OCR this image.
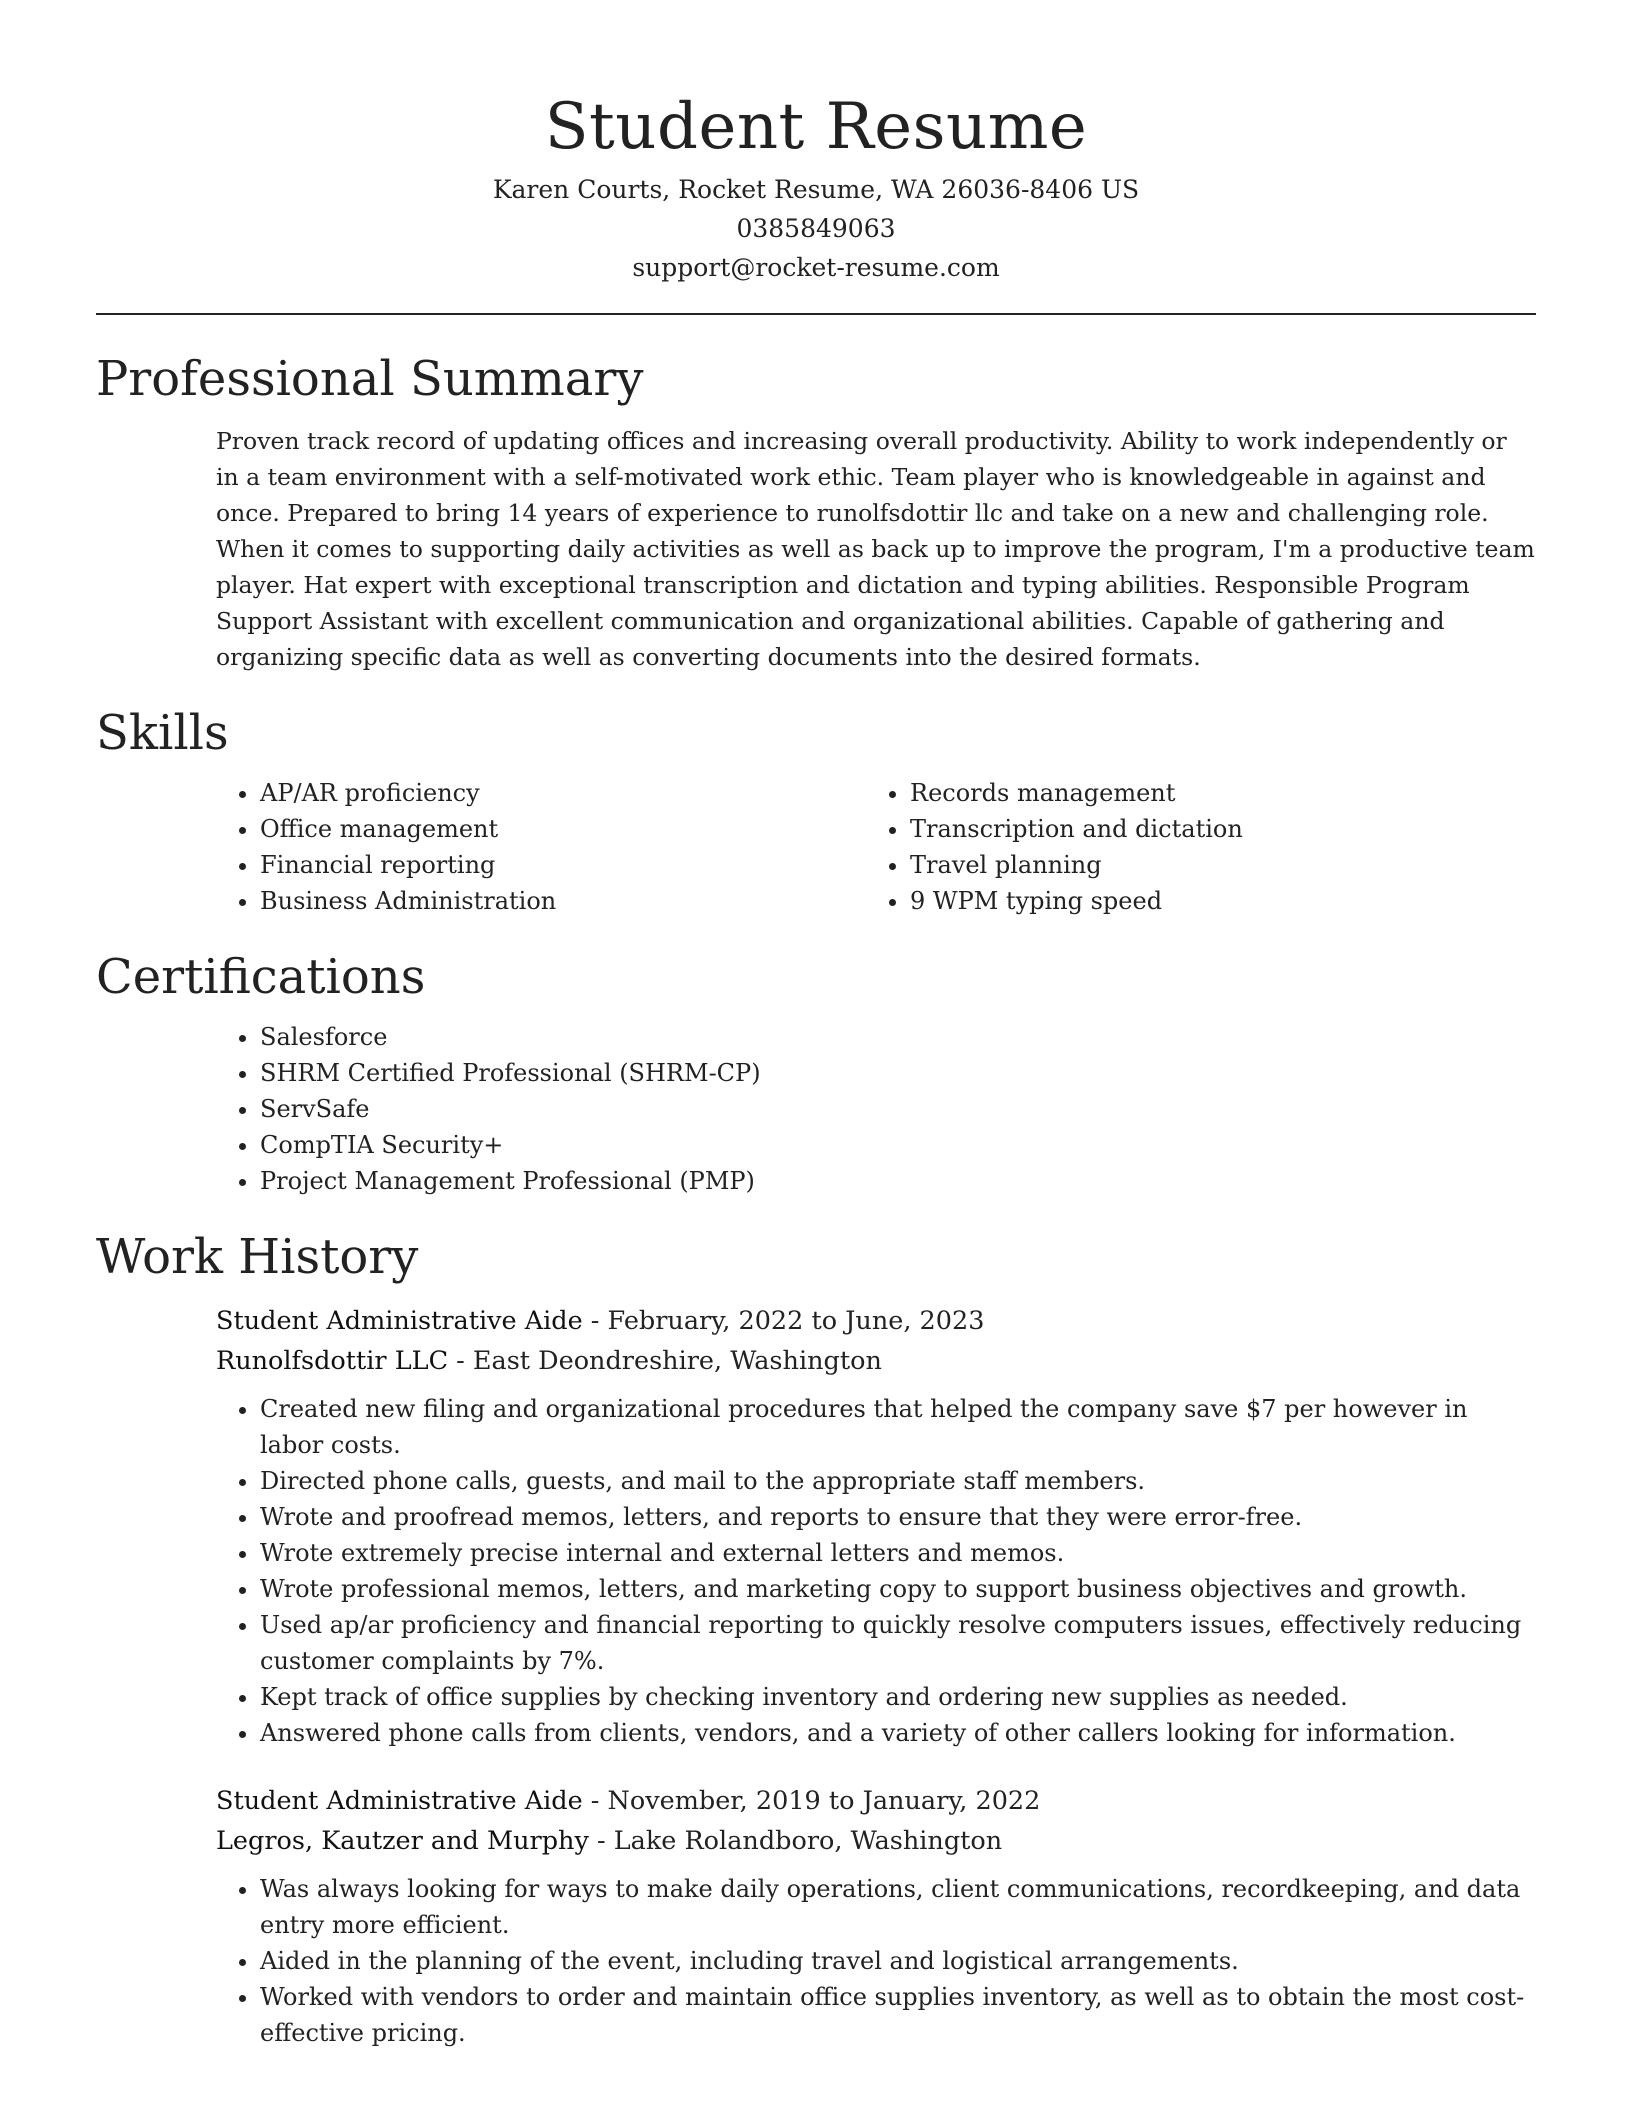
Student Resume
Karen Courts, Rocket Resume, WA 26036-8406 US
0385849063
support@rocket-resume.com
Professional Summary
Proven track record of updating offices and increasing overall productivity. Ability to work independently or in a team environment with a self-motivated work ethic. Team player who is knowledgeable in against and once. Prepared to bring 14 years of experience to runolfsdottir llc and take on a new and challenging role. When it comes to supporting daily activities as well as back up to improve the program, I'm a productive team player. Hat expert with exceptional transcription and dictation and typing abilities. Responsible Program Support Assistant with excellent communication and organizational abilities. Capable of gathering and organizing specific data as well as converting documents into the desired formats.
Skills
• AP/AR proficiency
• Office management
• Financial reporting
• Business Administration
• Records management
• Transcription and dictation
• Travel planning
• 9 WPM typing speed
Certifications
• Salesforce
• SHRM Certified Professional (SHRM-CP)
• ServSafe
• CompTIA Security+
• Project Management Professional (PMP)
Work History
Student Administrative Aide - February, 2022 to June, 2023
Runolfsdottir LLC - East Deondreshire, Washington
• Created new filing and organizational procedures that helped the company save $7 per however in labor costs.
• Directed phone calls, guests, and mail to the appropriate staff members.
• Wrote and proofread memos, letters, and reports to ensure that they were error-free.
• Wrote extremely precise internal and external letters and memos.
• Wrote professional memos, letters, and marketing copy to support business objectives and growth.
• Used ap/ar proficiency and financial reporting to quickly resolve computers issues, effectively reducing customer complaints by 7%.
• Kept track of office supplies by checking inventory and ordering new supplies as needed.
• Answered phone calls from clients, vendors, and a variety of other callers looking for information.
Student Administrative Aide - November, 2019 to January, 2022
Legros, Kautzer and Murphy - Lake Rolandboro, Washington
• Was always looking for ways to make daily operations, client communications, recordkeeping, and data entry more efficient.
• Aided in the planning of the event, including travel and logistical arrangements.
• Worked with vendors to order and maintain office supplies inventory, as well as to obtain the most cost-effective pricing.
